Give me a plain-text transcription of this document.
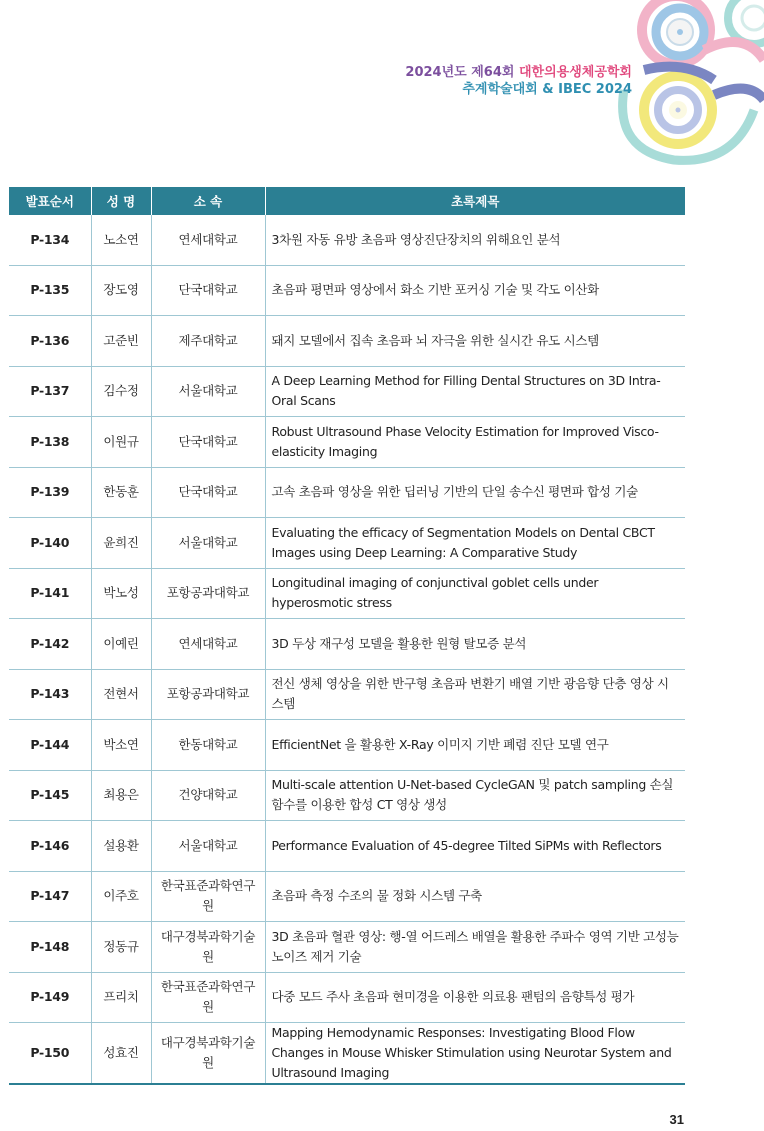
2024년도 제64회 대한의용생체공학회
추계학술대회 & IBEC 2024
발표순서	성 명	소 속	초록제목
P-134	노소연	연세대학교	3차원 자동 유방 초음파 영상진단장치의 위해요인 분석
P-135	장도영	단국대학교	초음파 평면파 영상에서 화소 기반 포커싱 기술 및 각도 이산화
P-136	고준빈	제주대학교	돼지 모델에서 집속 초음파 뇌 자극을 위한 실시간 유도 시스템
P-137	김수정	서울대학교	A Deep Learning Method for Filling Dental Structures on 3D Intra-Oral Scans
P-138	이원규	단국대학교	Robust Ultrasound Phase Velocity Estimation for Improved Visco-elasticity Imaging
P-139	한동훈	단국대학교	고속 초음파 영상을 위한 딥러닝 기반의 단일 송수신 평면파 합성 기술
P-140	윤희진	서울대학교	Evaluating the efficacy of Segmentation Models on Dental CBCT Images using Deep Learning: A Comparative Study
P-141	박노성	포항공과대학교	Longitudinal imaging of conjunctival goblet cells under hyperosmotic stress
P-142	이예린	연세대학교	3D 두상 재구성 모델을 활용한 원형 탈모증 분석
P-143	전현서	포항공과대학교	전신 생체 영상을 위한 반구형 초음파 변환기 배열 기반 광음향 단층 영상 시스템
P-144	박소연	한동대학교	EfficientNet 을 활용한 X-Ray 이미지 기반 폐렴 진단 모델 연구
P-145	최용은	건양대학교	Multi-scale attention U-Net-based CycleGAN 및 patch sampling 손실함수를 이용한 합성 CT 영상 생성
P-146	설용환	서울대학교	Performance Evaluation of 45-degree Tilted SiPMs with Reflectors
P-147	이주호	한국표준과학연구원	초음파 측정 수조의 물 정화 시스템 구축
P-148	정동규	대구경북과학기술원	3D 초음파 혈관 영상: 행-열 어드레스 배열을 활용한 주파수 영역 기반 고성능 노이즈 제거 기술
P-149	프리치	한국표준과학연구원	다중 모드 주사 초음파 현미경을 이용한 의료용 팬텀의 음향특성 평가
P-150	성효진	대구경북과학기술원	Mapping Hemodynamic Responses: Investigating Blood Flow Changes in Mouse Whisker Stimulation using Neurotar System and Ultrasound Imaging
31
